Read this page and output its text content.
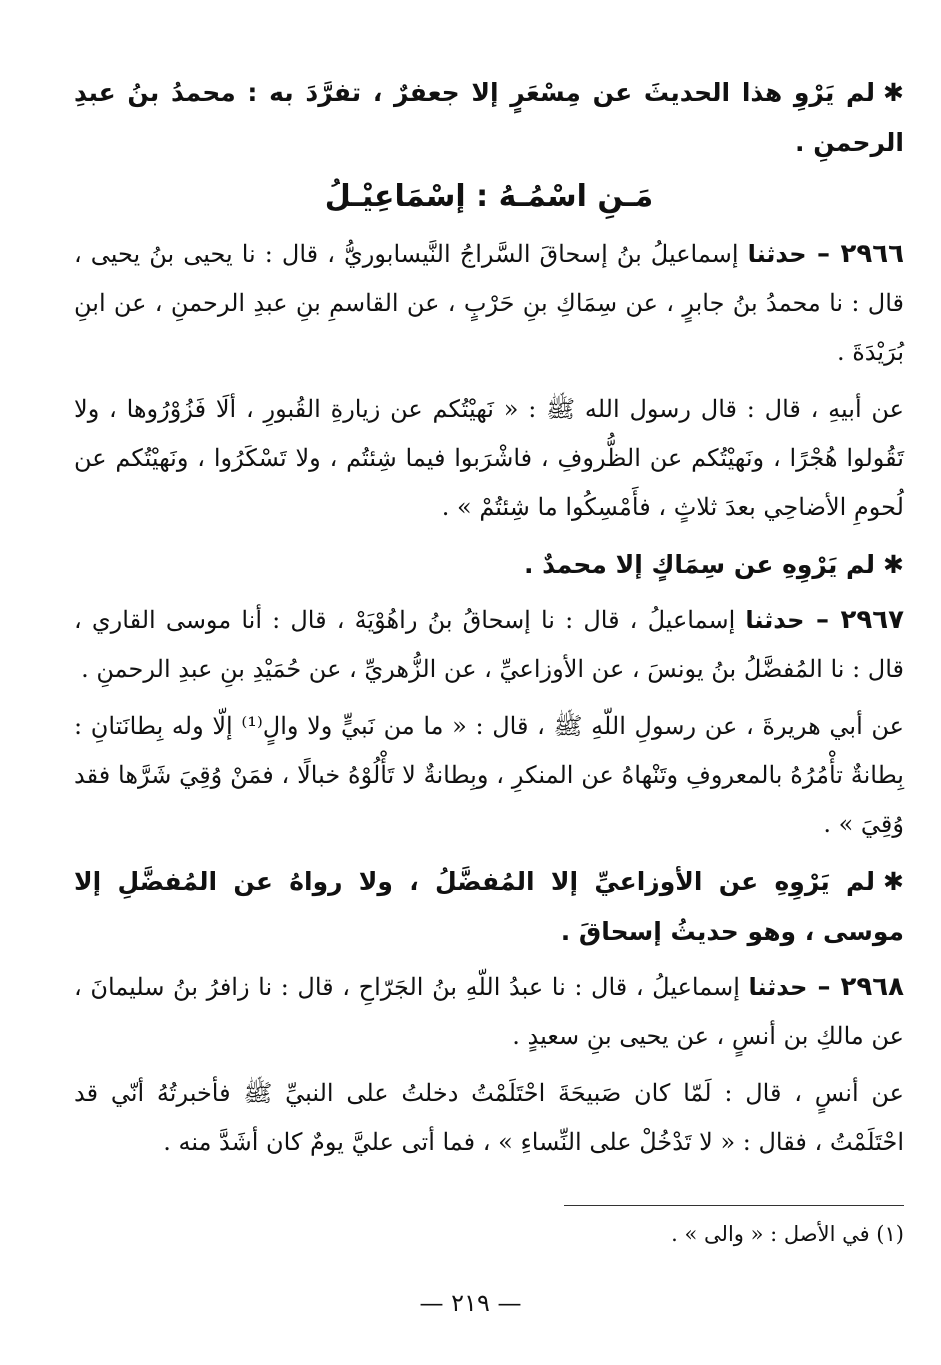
✱لم يَرْوِ هذا الحديثَ عن مِسْعَرٍ إلا جعفرٌ ، تفرَّدَ به : محمدُ بنُ عبدِ الرحمنِ .

مَـنِ اسْمُـهُ : إسْمَاعِيْـلُ

٢٩٦٦ – حدثنا إسماعيلُ بنُ إسحاقَ السَّراجُ النَّيسابوريُّ ، قال : نا يحيى بنُ يحيى ، قال : نا محمدُ بنُ جابرٍ ، عن سِمَاكِ بنِ حَرْبٍ ، عن القاسمِ بنِ عبدِ الرحمنِ ، عن ابنِ بُرَيْدَةَ .

عن أبيهِ ، قال : قال رسول الله ﷺ : « نَهيْتُكم عن زيارةِ القُبورِ ، ألَا فَزُوْرُوها ، ولا تَقُولوا هُجْرًا ، ونَهيْتُكم عن الظُّروفِ ، فاشْرَبوا فيما شِئتُم ، ولا تَسْكَرُوا ، ونَهيْتُكم عن لُحومِ الأضاحِي بعدَ ثلاثٍ ، فأَمْسِكُوا ما شِئتُمْ » .

✱لم يَرْوِهِ عن سِمَاكٍ إلا محمدٌ .

٢٩٦٧ – حدثنا إسماعيلُ ، قال : نا إسحاقُ بنُ راهُوْيَهْ ، قال : أنا موسى القاري ، قال : نا المُفضَّلُ بنُ يونسَ ، عن الأوزاعيِّ ، عن الزُّهريِّ ، عن حُمَيْدِ بنِ عبدِ الرحمنِ .

عن أبي هريرةَ ، عن رسولِ اللّهِ ﷺ ، قال : « ما من نَبيٍّ ولا والٍ⁽¹⁾ إلّا وله بِطانَتانِ : بِطانةٌ تأْمُرُهُ بالمعروفِ وتَنْهاهُ عن المنكرِ ، وبِطانةٌ لا تَأْلُوْهُ خبالًا ، فمَنْ وُقِيَ شَرَّها فقد وُقِيَ » .

✱لم يَرْوِهِ عن الأوزاعيِّ إلا المُفضَّلُ ، ولا رواهُ عن المُفضَّلِ إلا موسى ، وهو حديثُ إسحاقَ .

٢٩٦٨ – حدثنا إسماعيلُ ، قال : نا عبدُ اللّهِ بنُ الجَرّاحِ ، قال : نا زافرُ بنُ سليمانَ ، عن مالكِ بن أنسٍ ، عن يحيى بنِ سعيدٍ .

عن أنسٍ ، قال : لَمّا كان صَبيحَةَ احْتَلَمْتُ دخلتُ على النبيِّ ﷺ فأخبرتُهُ أنّي قد احْتَلَمْتُ ، فقال : « لا تَدْخُلْ على النِّساءِ » ، فما أتى عليَّ يومٌ كان أشَدَّ منه .

(١) في الأصل : « والى » .

— ٢١٩ —
